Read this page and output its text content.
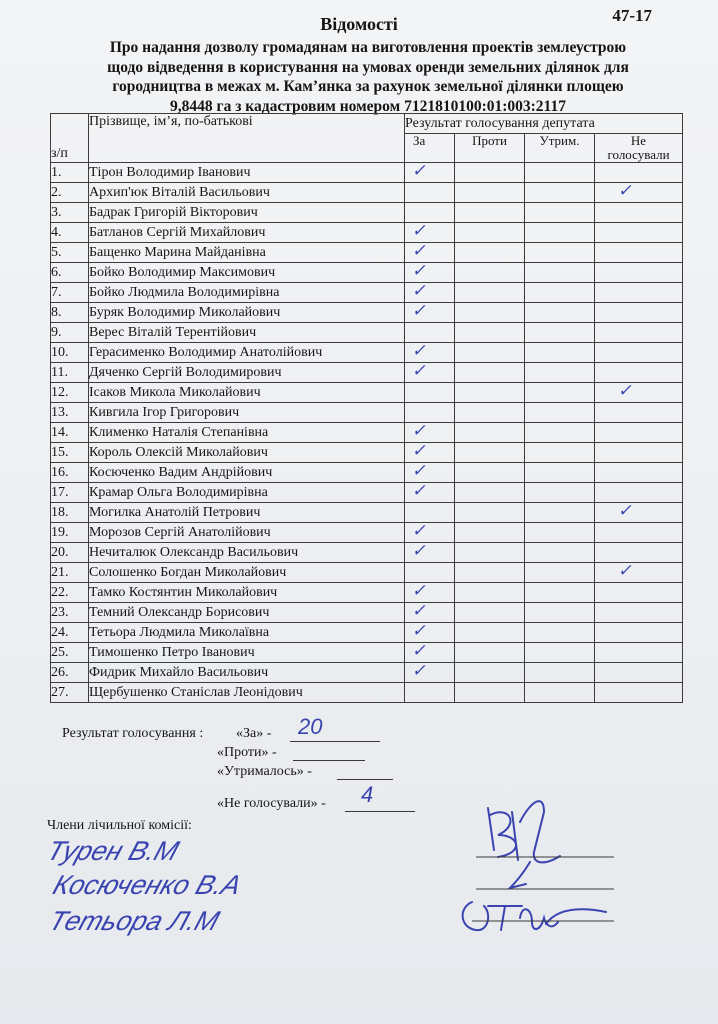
47-17
Відомості
Про надання дозволу громадянам на виготовлення проектів землеустрою
щодо відведення в користування на умовах оренди земельних ділянок для
городництва в межах м. Кам’янка за рахунок земельної ділянки площею
9,8448 га з кадастровим номером 7121810100:01:003:2117
з/п	Прізвище, ім’я, по-батькові	Результат голосування депутата			
		За	Проти	Утрим.	Не
голосували

1.	Тірон Володимир Іванович	✓			

2.	Архип'юк Віталій Васильович				✓

3.	Бадрак Григорій Вікторович				
4.	Батланов Сергій Михайлович	✓			

5.	Бащенко Марина Майданівна	✓			

6.	Бойко Володимир Максимович	✓			

7.	Бойко Людмила Володимирівна	✓			

8.	Буряк Володимир Миколайович	✓			

9.	Верес Віталій Терентійович				
10.	Герасименко Володимир Анатолійович	✓			

11.	Дяченко Сергій Володимирович	✓			

12.	Ісаков Микола Миколайович				✓

13.	Кивгила Ігор Григорович				
14.	Клименко Наталія Степанівна	✓			

15.	Король Олексій Миколайович	✓			

16.	Косюченко Вадим Андрійович	✓			

17.	Крамар Ольга Володимирівна	✓			

18.	Могилка Анатолій Петрович				✓

19.	Морозов Сергій Анатолійович	✓			

20.	Нечиталюк Олександр Васильович	✓			

21.	Солошенко Богдан Миколайович				✓

22.	Тамко Костянтин Миколайович	✓			

23.	Темний Олександр Борисович	✓			

24.	Тетьора Людмила Миколаївна	✓			

25.	Тимошенко Петро Іванович	✓			

26.	Фидрик Михайло Васильович	✓			

27.	Щербушенко Станіслав Леонідович				
Результат голосування : «За» - 20
«Проти» -
«Утрималось» -
«Не голосували» - 4
Члени лічильної комісії:
Турен В.М
Косюченко В.А
Тетьора Л.М
